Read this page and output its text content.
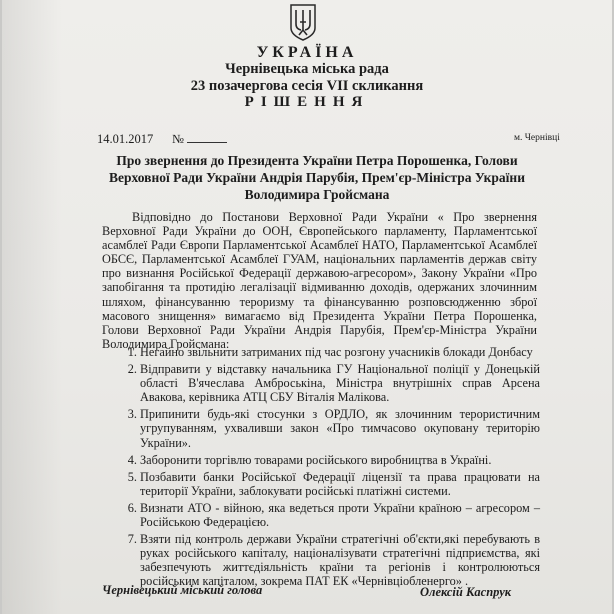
УКРАЇНА
Чернівецька міська рада
23 позачергова сесія VII скликання
РІШЕННЯ
14.01.2017 №	м. Чернівці
Про звернення до Президента України Петра Порошенка, Голови Верховної Ради України Андрія Парубія, Прем'єр-Міністра України Володимира Гройсмана
Відповідно до Постанови Верховної Ради України « Про звернення Верховної Ради України до ООН, Європейського парламенту, Парламентської асамблеї Ради Європи Парламентської Асамблеї НАТО, Парламентської Асамблеї ОБСЄ, Парламентської Асамблеї ГУАМ, національних парламентів держав світу про визнання Російської Федерації державою-агресором», Закону України «Про запобігання та протидію легалізації відмиванню доходів, одержаних злочинним шляхом, фінансуванню тероризму та фінансуванню розповсюдженню зброї масового знищення» вимагаємо від Президента України Петра Порошенка, Голови Верховної Ради України Андрія Парубія, Прем'єр-Міністра України Володимира Гройсмана:
1. Негайно звільнити затриманих під час розгону учасників блокади Донбасу
2. Відправити у відставку начальника ГУ Національної поліції у Донецькій області В'ячеслава Амброськіна, Міністра внутрішніх справ Арсена Авакова, керівника АТЦ СБУ Віталія Малікова.
3. Припинити будь-які стосунки з ОРДЛО, як злочинним терористичним угрупуванням, ухваливши закон «Про тимчасово окуповану територію України».
4. Заборонити торгівлю товарами російського виробництва в Україні.
5. Позбавити банки Російської Федерації ліцензії та права працювати на території України, заблокувати російські платіжні системи.
6. Визнати АТО - війною, яка ведеться проти України країною – агресором – Російською Федерацією.
7. Взяти під контроль держави України стратегічні об'єкти,які перебувають в руках російського капіталу, націоналізувати стратегічні підприємства, які забезпечують життєдіяльність країни та регіонів і контролюються російським капіталом, зокрема ПАТ ЕК «Чернівціобленерго» .
Чернівецький міський голова	Олексій Каспрук
